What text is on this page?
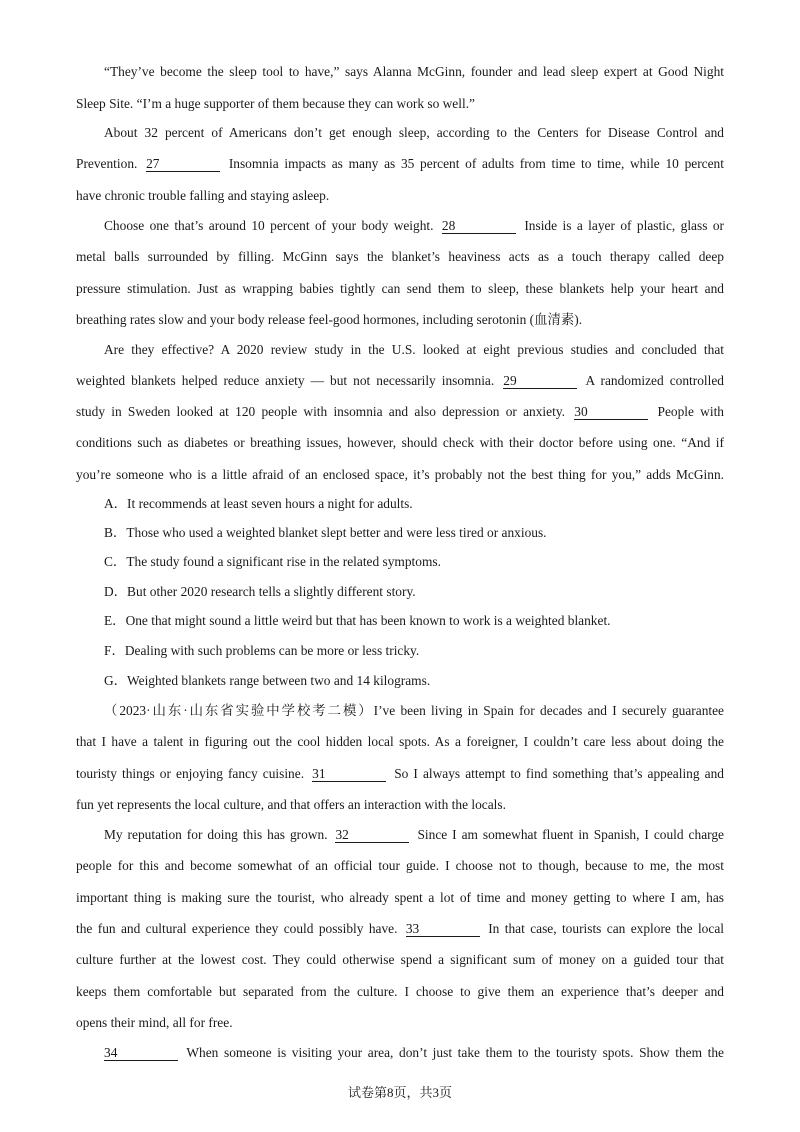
“They’ve become the sleep tool to have,” says Alanna McGinn, founder and lead sleep expert at Good Night
Sleep Site. “I’m a huge supporter of them because they can work so well.”
About 32 percent of Americans don’t get enough sleep, according to the Centers for Disease Control and
Prevention. 27	Insomnia impacts as many as 35 percent of adults from time to time, while 10 percent
have chronic trouble falling and staying asleep.
Choose one that’s around 10 percent of your body weight. 28	Inside is a layer of plastic, glass or
metal balls surrounded by filling. McGinn says the blanket’s heaviness acts as a touch therapy called deep
pressure stimulation. Just as wrapping babies tightly can send them to sleep, these blankets help your heart and
breathing rates slow and your body release feel-good hormones, including serotonin (血清素).
Are they effective? A 2020 review study in the U.S. looked at eight previous studies and concluded that
weighted blankets helped reduce anxiety — but not necessarily insomnia. 29	A randomized controlled
study in Sweden looked at 120 people with insomnia and also depression or anxiety. 30	People with
conditions such as diabetes or breathing issues, however, should check with their doctor before using one. “And if
you’re someone who is a little afraid of an enclosed space, it’s probably not the best thing for you,” adds McGinn.
A．It recommends at least seven hours a night for adults.
B．Those who used a weighted blanket slept better and were less tired or anxious.
C．The study found a significant rise in the related symptoms.
D．But other 2020 research tells a slightly different story.
E．One that might sound a little weird but that has been known to work is a weighted blanket.
F．Dealing with such problems can be more or less tricky.
G．Weighted blankets range between two and 14 kilograms.
（2023·山东·山东省实验中学校考二模）I’ve been living in Spain for decades and I securely guarantee
that I have a talent in figuring out the cool hidden local spots. As a foreigner, I couldn’t care less about doing the
touristy things or enjoying fancy cuisine. 31	So I always attempt to find something that’s appealing and
fun yet represents the local culture, and that offers an interaction with the locals.
My reputation for doing this has grown. 32	Since I am somewhat fluent in Spanish, I could charge
people for this and become somewhat of an official tour guide. I choose not to though, because to me, the most
important thing is making sure the tourist, who already spent a lot of time and money getting to where I am, has
the fun and cultural experience they could possibly have. 33	In that case, tourists can explore the local
culture further at the lowest cost. They could otherwise spend a significant sum of money on a guided tour that
keeps them comfortable but separated from the culture. I choose to give them an experience that’s deeper and
opens their mind, all for free.
34	When someone is visiting your area, don’t just take them to the touristy spots. Show them the
试卷第8页，共3页
